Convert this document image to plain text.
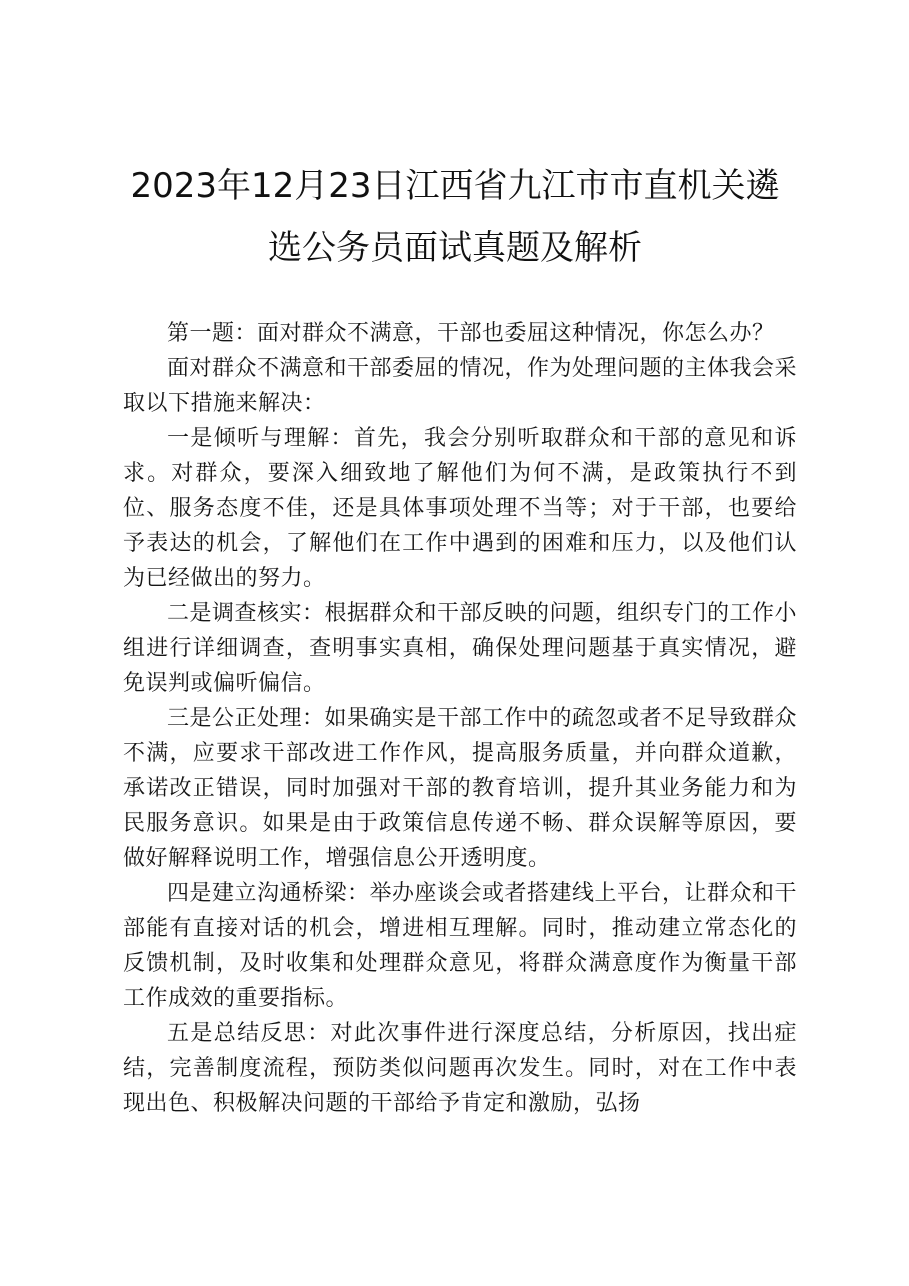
2023年12月23日江西省九江市市直机关遴
选公务员面试真题及解析

第一题：面对群众不满意，干部也委屈这种情况，你怎么办？

面对群众不满意和干部委屈的情况，作为处理问题的主体我会采取以下措施来解决：

一是倾听与理解：首先，我会分别听取群众和干部的意见和诉求。对群众，要深入细致地了解他们为何不满，是政策执行不到位、服务态度不佳，还是具体事项处理不当等；对于干部，也要给予表达的机会，了解他们在工作中遇到的困难和压力，以及他们认为已经做出的努力。

二是调查核实：根据群众和干部反映的问题，组织专门的工作小组进行详细调查，查明事实真相，确保处理问题基于真实情况，避免误判或偏听偏信。

三是公正处理：如果确实是干部工作中的疏忽或者不足导致群众不满，应要求干部改进工作作风，提高服务质量，并向群众道歉，承诺改正错误，同时加强对干部的教育培训，提升其业务能力和为民服务意识。如果是由于政策信息传递不畅、群众误解等原因，要做好解释说明工作，增强信息公开透明度。

四是建立沟通桥梁：举办座谈会或者搭建线上平台，让群众和干部能有直接对话的机会，增进相互理解。同时，推动建立常态化的反馈机制，及时收集和处理群众意见，将群众满意度作为衡量干部工作成效的重要指标。

五是总结反思：对此次事件进行深度总结，分析原因，找出症结，完善制度流程，预防类似问题再次发生。同时，对在工作中表现出色、积极解决问题的干部给予肯定和激励，弘扬
